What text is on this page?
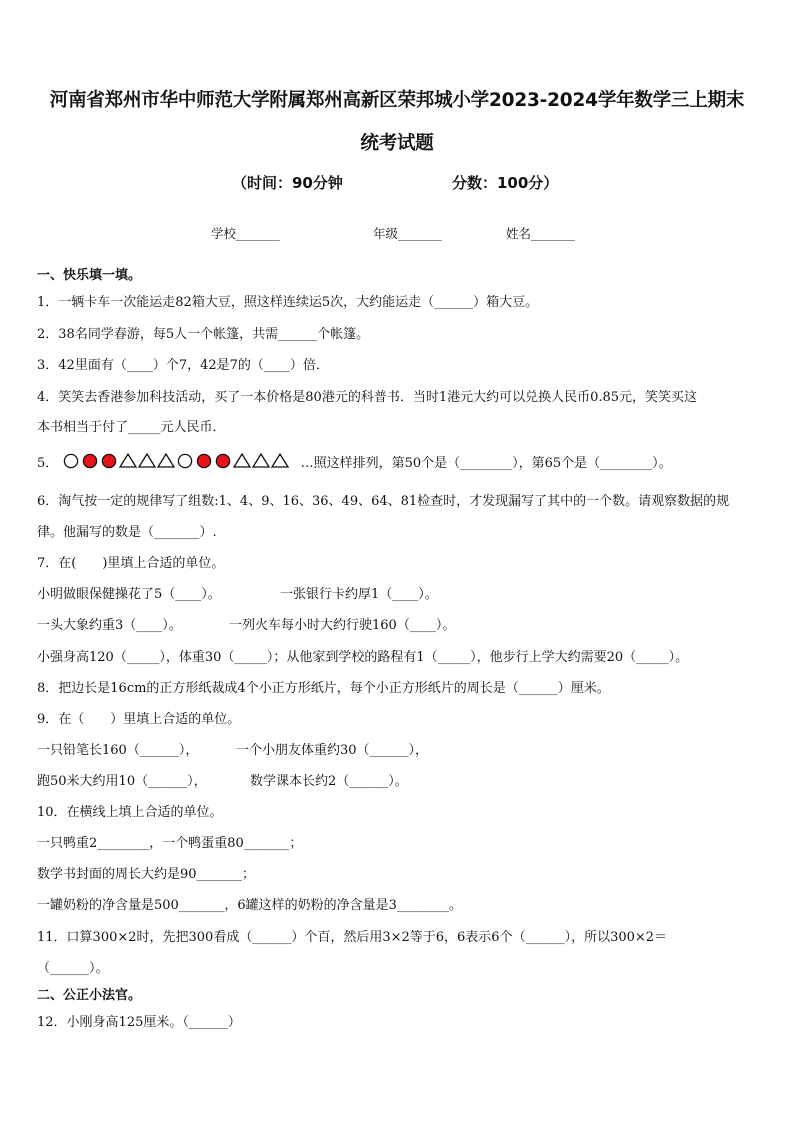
河南省郑州市华中师范大学附属郑州高新区荣邦城小学2023-2024学年数学三上期末
统考试题
（时间：90分钟	分数：100分）
学校_______	年级_______	姓名_______
一、快乐填一填。
1．一辆卡车一次能运走82箱大豆，照这样连续运5次，大约能运走（______）箱大豆。
2．38名同学春游，每5人一个帐篷，共需______个帐篷。
3．42里面有（____）个7，42是7的（____）倍．
4．笑笑去香港参加科技活动，买了一本价格是80港元的科普书．当时1港元大约可以兑换人民币0.85元，笑笑买这
本书相当于付了_____元人民币．
5．	…照这样排列，第50个是（________），第65个是（________）。
6．淘气按一定的规律写了组数:1、4、9、16、36、49、64、81检查时，才发现漏写了其中的一个数。请观察数据的规
律。他漏写的数是（_______）.
7．在(　　)里填上合适的单位。
小明做眼保健操花了5（____）。	一张银行卡约厚1（____）。
一头大象约重3（____）。	一列火车每小时大约行驶160（____）。
小强身高120（_____），体重30（_____）；从他家到学校的路程有1（_____），他步行上学大约需要20（_____）。
8．把边长是16cm的正方形纸裁成4个小正方形纸片，每个小正方形纸片的周长是（______）厘米。
9．在（　　）里填上合适的单位。
一只铅笔长160（______），	一个小朋友体重约30（______），
跑50米大约用10（______），	数学课本长约2（______）。
10．在横线上填上合适的单位。
一只鸭重2________，一个鸭蛋重80_______；
数学书封面的周长大约是90_______；
一罐奶粉的净含量是500_______，6罐这样的奶粉的净含量是3________。
11．口算300×2时，先把300看成（______）个百，然后用3×2等于6，6表示6个（______），所以300×2＝
（______）。
二、公正小法官。
12．小刚身高125厘米。（______）
